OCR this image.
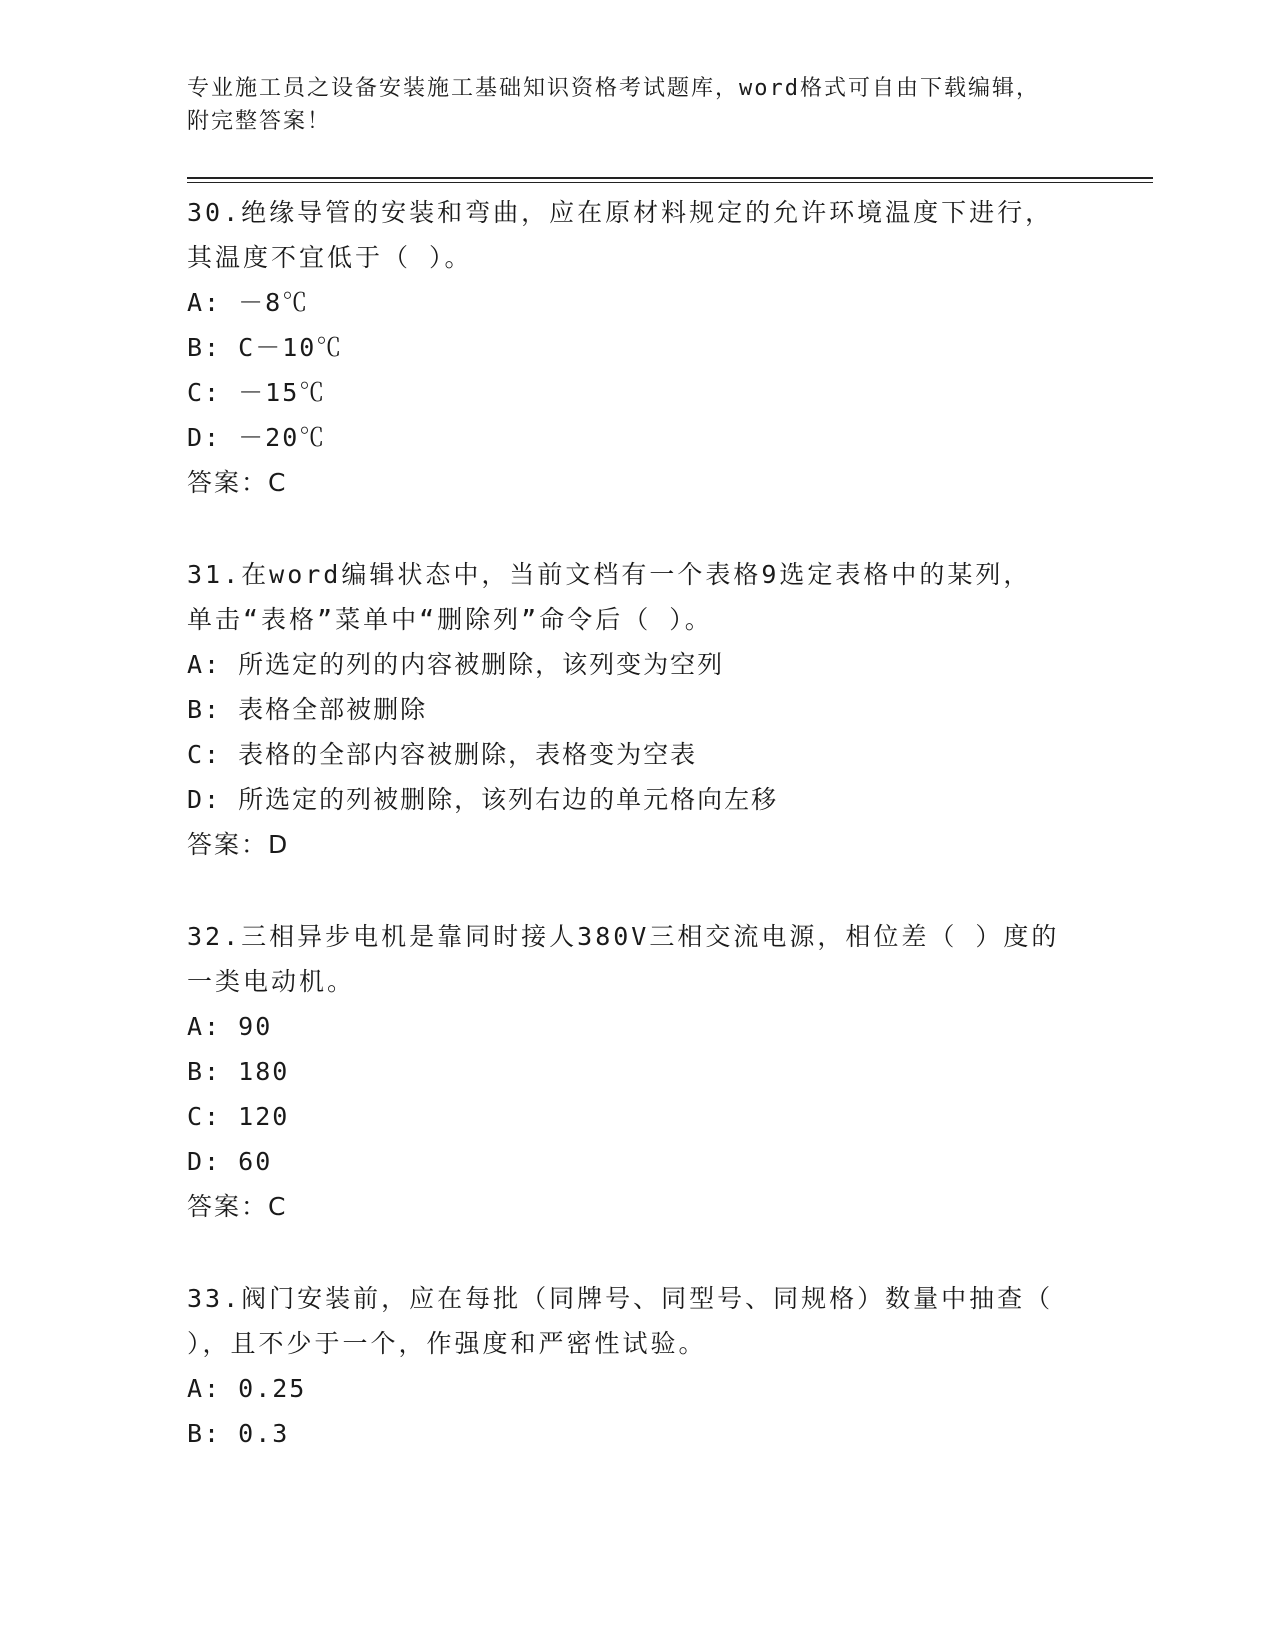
专业施工员之设备安装施工基础知识资格考试题库，word格式可自由下载编辑，
附完整答案！

30.绝缘导管的安装和弯曲，应在原材料规定的允许环境温度下进行，

其温度不宜低于（ ）。

A: －8℃

B: C－10℃

C: －15℃

D: －20℃

答案：C

31.在word编辑状态中，当前文档有一个表格9选定表格中的某列，

单击“表格”菜单中“删除列”命令后（ ）。

A: 所选定的列的内容被删除，该列变为空列

B: 表格全部被删除

C: 表格的全部内容被删除，表格变为空表

D: 所选定的列被删除，该列右边的单元格向左移

答案：D

32.三相异步电机是靠同时接人380V三相交流电源，相位差（ ）度的

一类电动机。

A: 90

B: 180

C: 120

D: 60

答案：C

33.阀门安装前，应在每批（同牌号、同型号、同规格）数量中抽查（

），且不少于一个，作强度和严密性试验。

A: 0.25

B: 0.3
